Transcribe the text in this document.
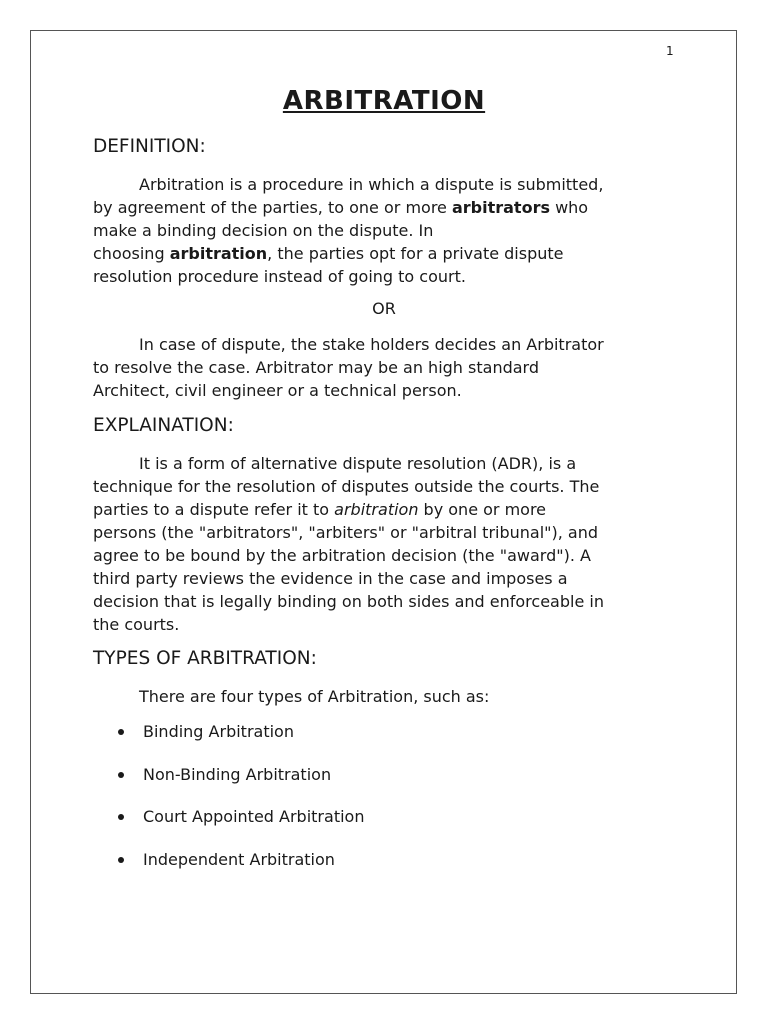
1
ARBITRATION
DEFINITION:
Arbitration is a procedure in which a dispute is submitted,
by agreement of the parties, to one or more arbitrators who
make a binding decision on the dispute. In
choosing arbitration, the parties opt for a private dispute
resolution procedure instead of going to court.
OR
In case of dispute, the stake holders decides an Arbitrator
to resolve the case. Arbitrator may be an high standard
Architect, civil engineer or a technical person.
EXPLAINATION:
It is a form of alternative dispute resolution (ADR), is a
technique for the resolution of disputes outside the courts. The
parties to a dispute refer it to arbitration by one or more
persons (the "arbitrators", "arbiters" or "arbitral tribunal"), and
agree to be bound by the arbitration decision (the "award"). A
third party reviews the evidence in the case and imposes a
decision that is legally binding on both sides and enforceable in
the courts.
TYPES OF ARBITRATION:
There are four types of Arbitration, such as:
Binding Arbitration
Non-Binding Arbitration
Court Appointed Arbitration
Independent Arbitration
